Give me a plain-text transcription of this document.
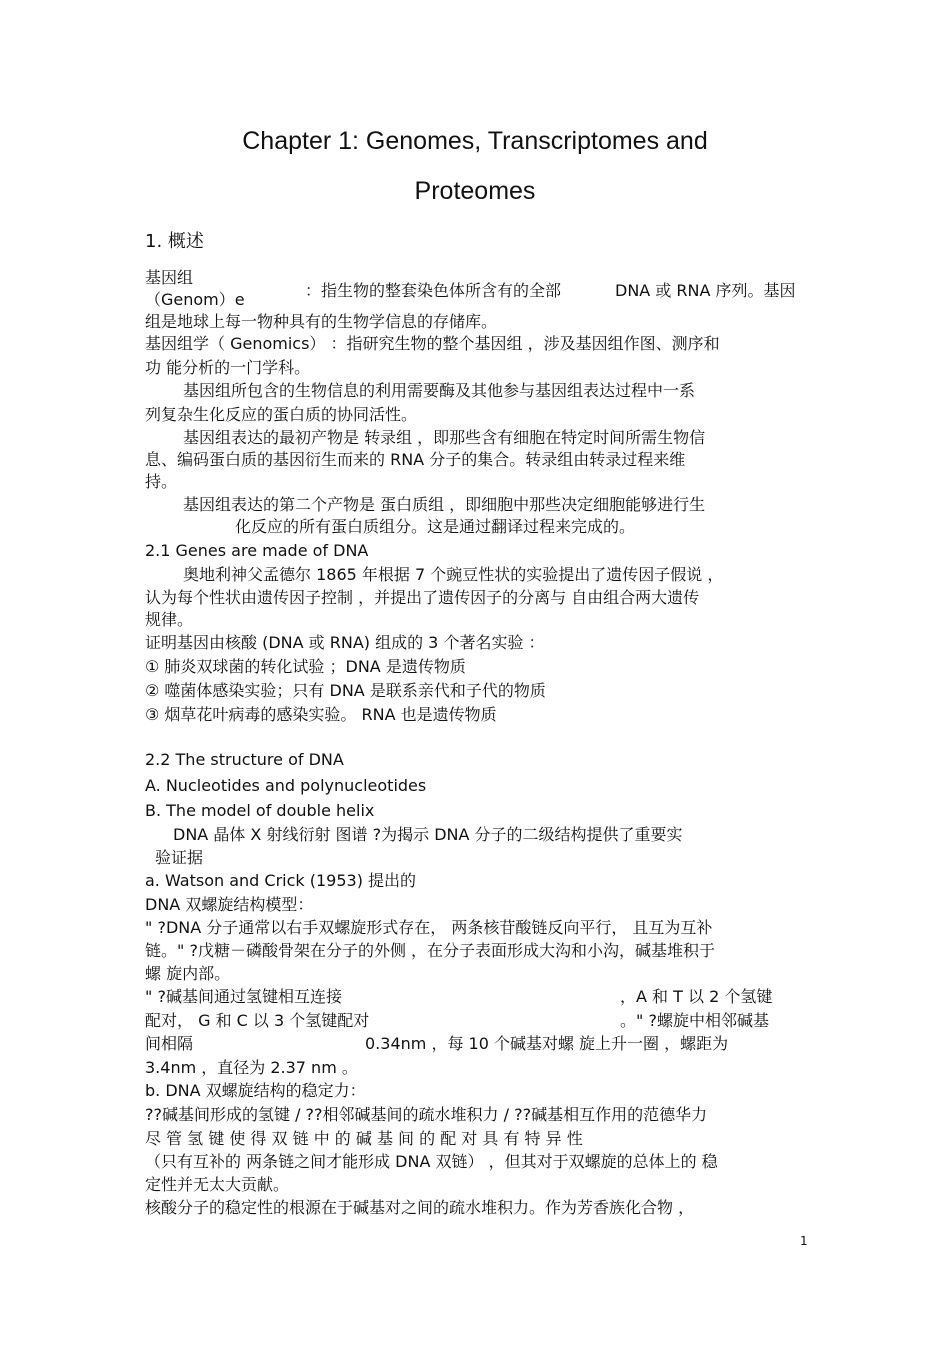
Chapter 1: Genomes, Transcriptomes and
Proteomes
1. 概述
基因组
（Genom）e	：指生物的整套染色体所含有的全部	DNA 或 RNA 序列。基因
组是地球上每一物种具有的生物学信息的存储库。
基因组学（ Genomics） ：指研究生物的整个基因组 ，涉及基因组作图、测序和
功 能分析的一门学科。
基因组所包含的生物信息的利用需要酶及其他参与基因组表达过程中一系
列复杂生化反应的蛋白质的协同活性。
基因组表达的最初产物是 转录组 ，即那些含有细胞在特定时间所需生物信
息、编码蛋白质的基因衍生而来的 RNA 分子的集合。转录组由转录过程来维
持。
基因组表达的第二个产物是 蛋白质组 ，即细胞中那些决定细胞能够进行生
化反应的所有蛋白质组分。这是通过翻译过程来完成的。
2.1 Genes are made of DNA
奥地利神父孟德尔 1865 年根据 7 个豌豆性状的实验提出了遗传因子假说 ，
认为每个性状由遗传因子控制 ，并提出了遗传因子的分离与 自由组合两大遗传
规律。
证明基因由核酸 (DNA 或 RNA) 组成的 3 个著名实验 ：
① 肺炎双球菌的转化试验 ；DNA 是遗传物质
② 噬菌体感染实验；只有 DNA 是联系亲代和子代的物质
③ 烟草花叶病毒的感染实验。 RNA 也是遗传物质
2.2 The structure of DNA
A. Nucleotides and polynucleotides
B. The model of double helix
DNA 晶体 X 射线衍射 图谱 ?为揭示 DNA 分子的二级结构提供了重要实
验证据
a. Watson and Crick (1953) 提出的
DNA 双螺旋结构模型：
" ?DNA 分子通常以右手双螺旋形式存在， 两条核苷酸链反向平行， 且互为互补
链。" ?戊糖－磷酸骨架在分子的外侧 ，在分子表面形成大沟和小沟，碱基堆积于
螺 旋内部。
" ?碱基间通过氢键相互连接	，A 和 T 以 2 个氢键
配对， G 和 C 以 3 个氢键配对	。" ?螺旋中相邻碱基
间相隔	0.34nm ，每 10 个碱基对螺 旋上升一圈 ，螺距为
3.4nm ，直径为 2.37 nm 。
b. DNA 双螺旋结构的稳定力：
??碱基间形成的氢键 / ??相邻碱基间的疏水堆积力 / ??碱基相互作用的范德华力
尽 管 氢 键 使 得 双 链 中 的 碱 基 间 的 配 对 具 有 特 异 性
（只有互补的 两条链之间才能形成 DNA 双链） ，但其对于双螺旋的总体上的 稳
定性并无太大贡献。
核酸分子的稳定性的根源在于碱基对之间的疏水堆积力。作为芳香族化合物 ，
1
